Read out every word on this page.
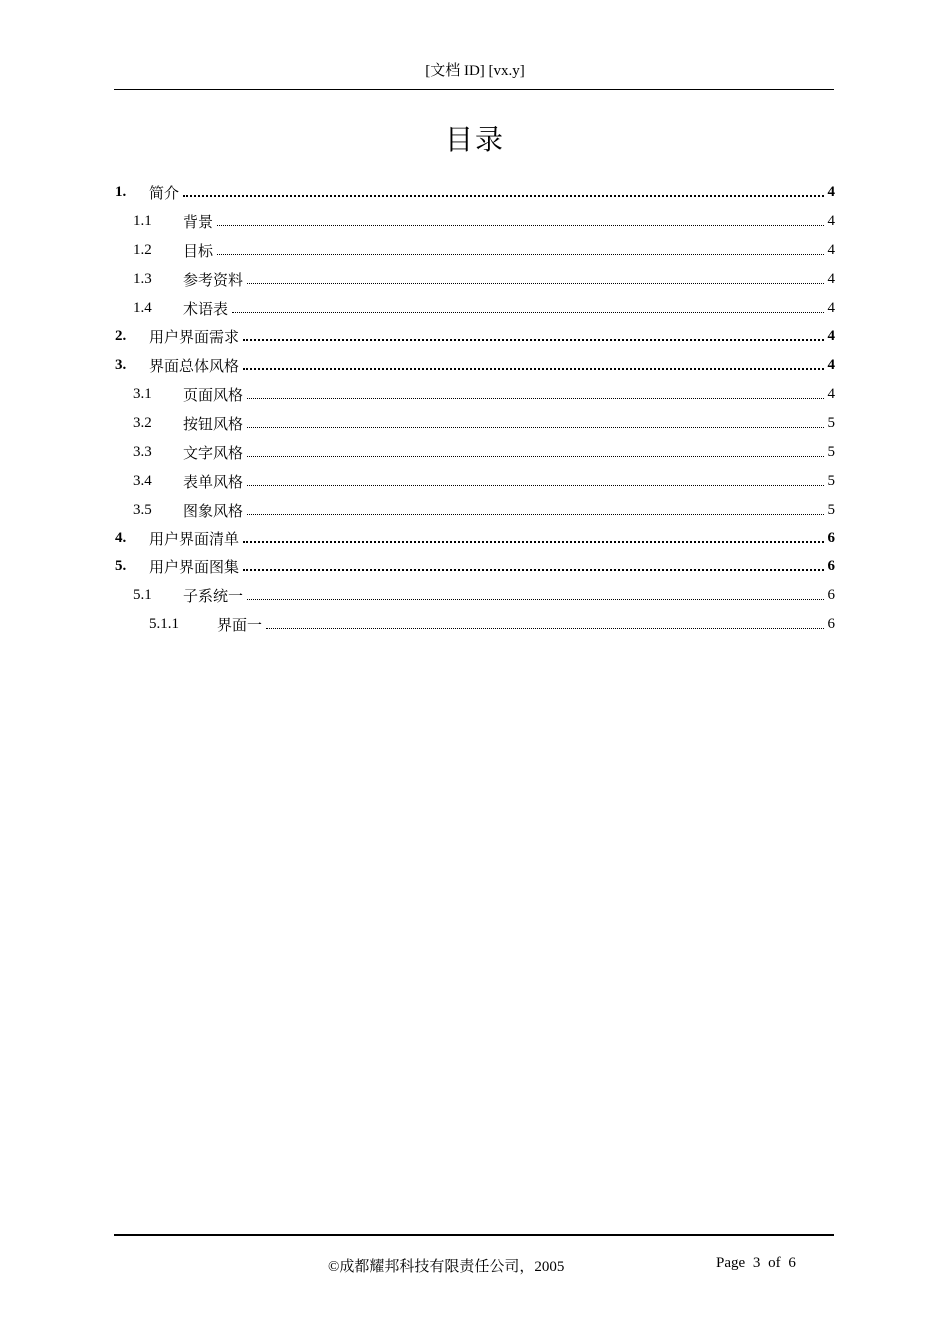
[文档 ID] [vx.y]
目录
1.	简介	4
1.1	背景	4
1.2	目标	4
1.3	参考资料	4
1.4	术语表	4
2.	用户界面需求	4
3.	界面总体风格	4
3.1	页面风格	4
3.2	按钮风格	5
3.3	文字风格	5
3.4	表单风格	5
3.5	图象风格	5
4.	用户界面清单	6
5.	用户界面图集	6
5.1	子系统一	6
5.1.1	界面一	6
©成都耀邦科技有限责任公司，2005	Page 3 of 6
